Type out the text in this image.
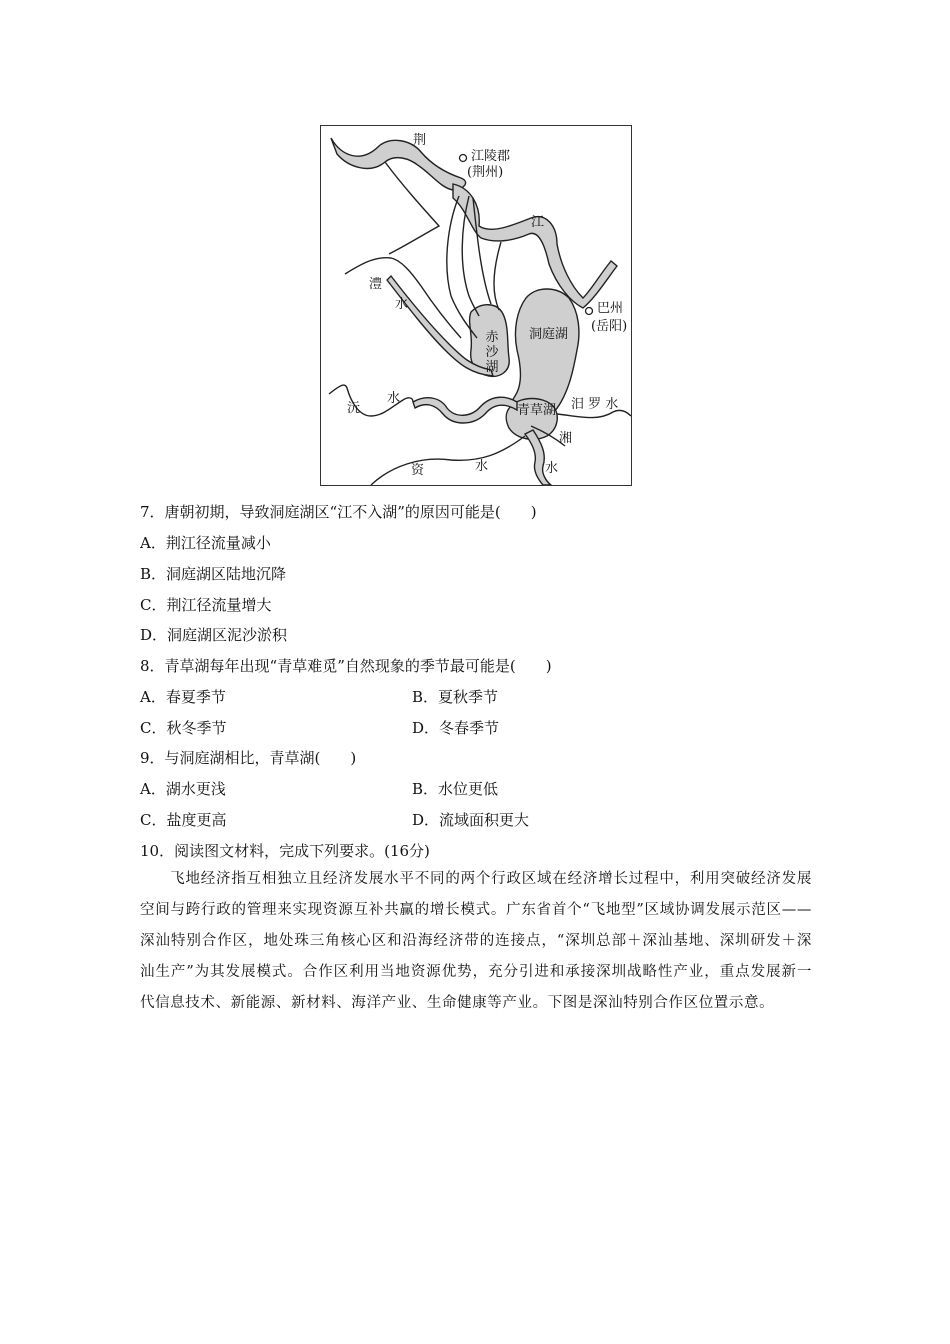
荆
江陵郡
(荆州)
江
澧
水	巴州
(岳阳)
洞庭湖
赤沙湖
沅
水
青草湖 汨 罗 水
湘
水
资	水
7．唐朝初期，导致洞庭湖区“江不入湖”的原因可能是(　　)
A．荆江径流量减小
B．洞庭湖区陆地沉降
C．荆江径流量增大
D．洞庭湖区泥沙淤积
8．青草湖每年出现“青草难觅”自然现象的季节最可能是(　　)
A．春夏季节	B．夏秋季节
C．秋冬季节	D．冬春季节
9．与洞庭湖相比，青草湖(　　)
A．湖水更浅	B．水位更低
C．盐度更高	D．流域面积更大
10．阅读图文材料，完成下列要求。(16分)
飞地经济指互相独立且经济发展水平不同的两个行政区域在经济增长过程中，利用突破经济发展空间与跨行政的管理来实现资源互补共赢的增长模式。广东省首个“飞地型”区域协调发展示范区——深汕特别合作区，地处珠三角核心区和沿海经济带的连接点，“深圳总部＋深汕基地、深圳研发＋深汕生产”为其发展模式。合作区利用当地资源优势，充分引进和承接深圳战略性产业，重点发展新一代信息技术、新能源、新材料、海洋产业、生命健康等产业。下图是深汕特别合作区位置示意。
